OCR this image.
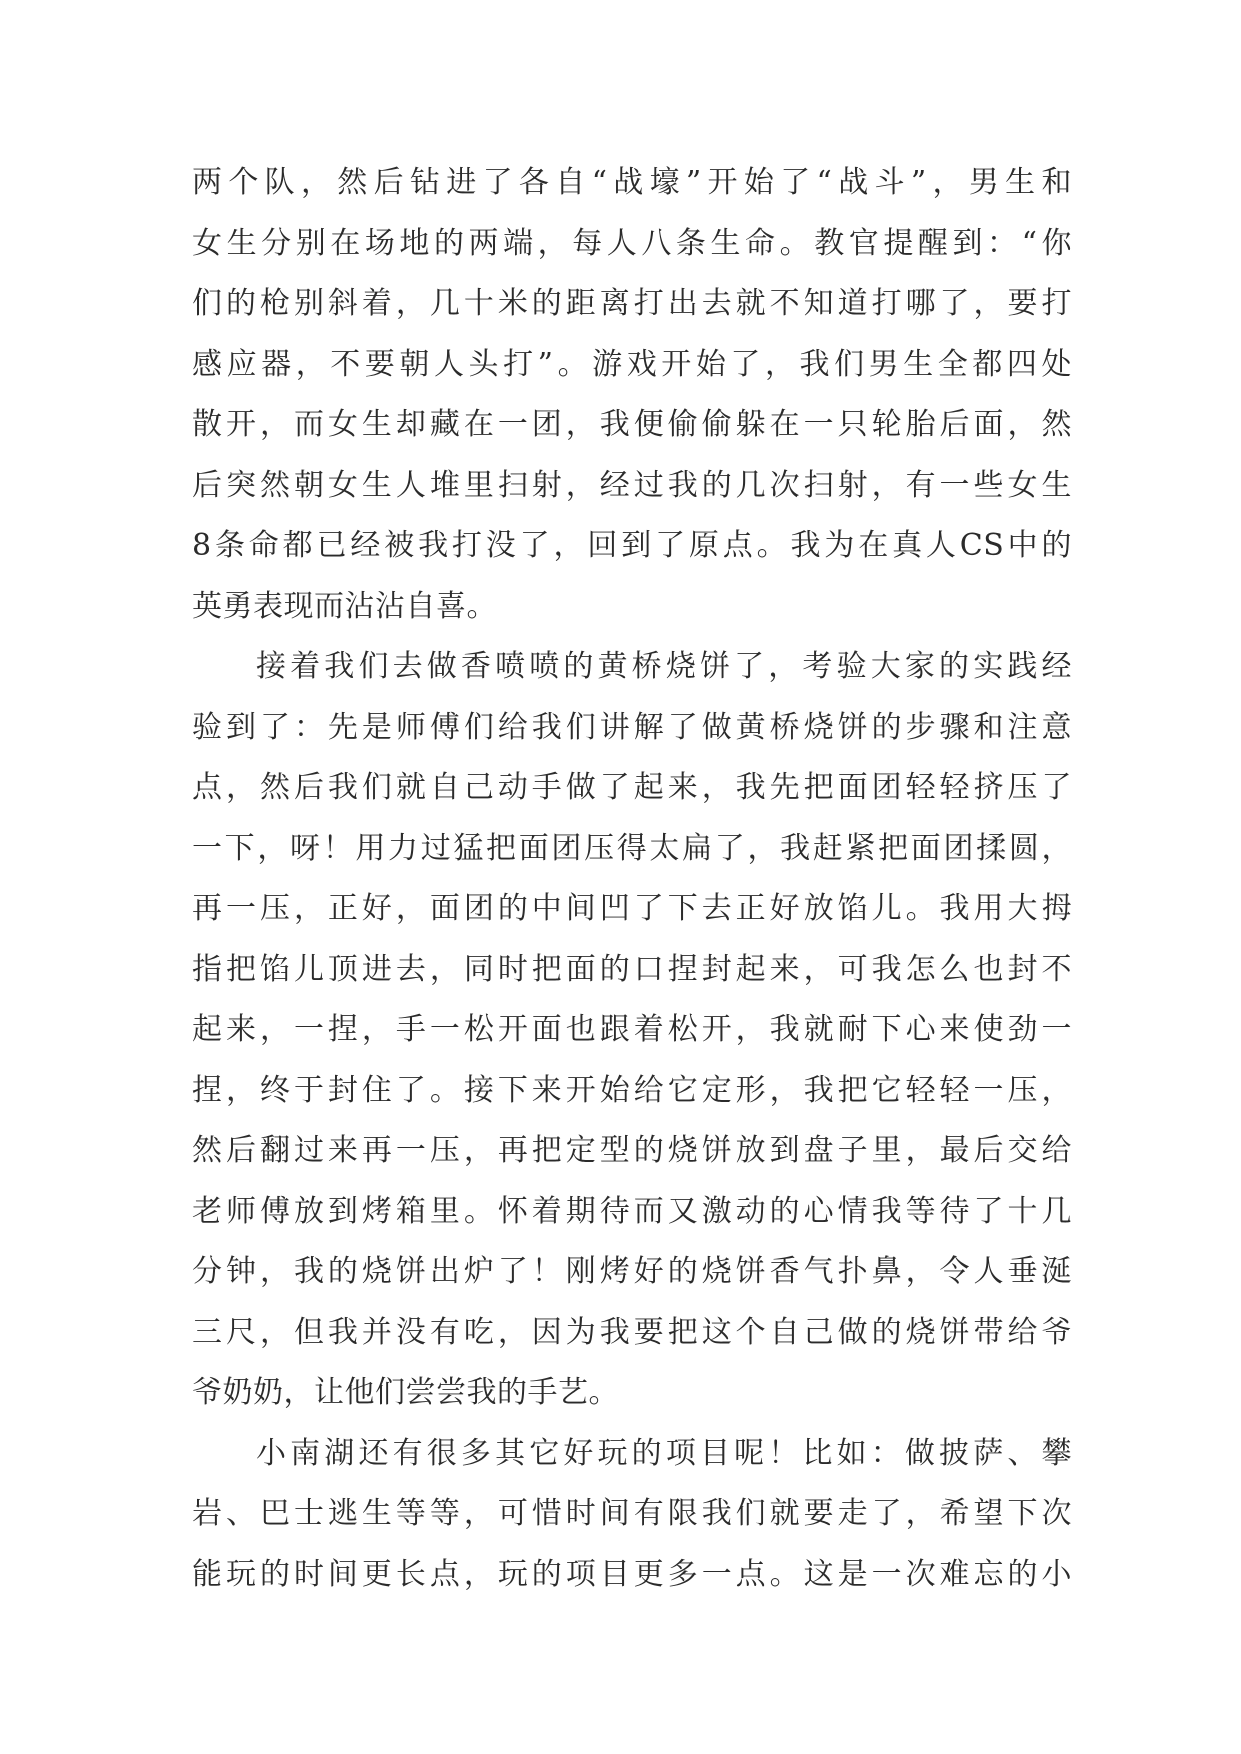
两个队，然后钻进了各自“战壕”开始了“战斗”，男生和
女生分别在场地的两端，每人八条生命。教官提醒到：“你
们的枪别斜着，几十米的距离打出去就不知道打哪了，要打
感应器，不要朝人头打”。游戏开始了，我们男生全都四处
散开，而女生却藏在一团，我便偷偷躲在一只轮胎后面，然
后突然朝女生人堆里扫射，经过我的几次扫射，有一些女生
8条命都已经被我打没了，回到了原点。我为在真人CS中的
英勇表现而沾沾自喜。
接着我们去做香喷喷的黄桥烧饼了，考验大家的实践经
验到了：先是师傅们给我们讲解了做黄桥烧饼的步骤和注意
点，然后我们就自己动手做了起来，我先把面团轻轻挤压了
一下，呀！用力过猛把面团压得太扁了，我赶紧把面团揉圆，
再一压，正好，面团的中间凹了下去正好放馅儿。我用大拇
指把馅儿顶进去，同时把面的口捏封起来，可我怎么也封不
起来，一捏，手一松开面也跟着松开，我就耐下心来使劲一
捏，终于封住了。接下来开始给它定形，我把它轻轻一压，
然后翻过来再一压，再把定型的烧饼放到盘子里，最后交给
老师傅放到烤箱里。怀着期待而又激动的心情我等待了十几
分钟，我的烧饼出炉了！刚烤好的烧饼香气扑鼻，令人垂涎
三尺，但我并没有吃，因为我要把这个自己做的烧饼带给爷
爷奶奶，让他们尝尝我的手艺。
小南湖还有很多其它好玩的项目呢！比如：做披萨、攀
岩、巴士逃生等等，可惜时间有限我们就要走了，希望下次
能玩的时间更长点，玩的项目更多一点。这是一次难忘的小
